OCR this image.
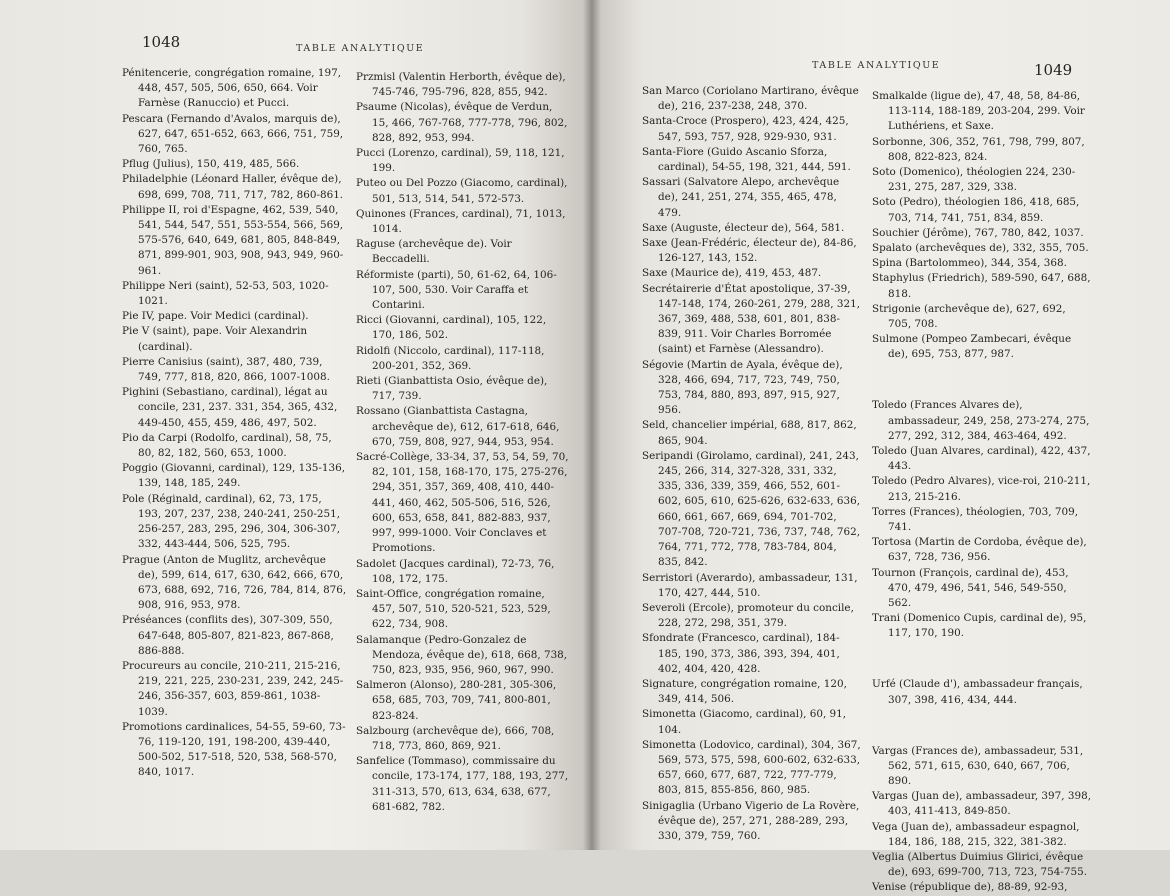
1048	TABLE ANALYTIQUE

Pénitencerie, congrégation romaine, 197, 448, 457, 505, 506, 650, 664. Voir Farnèse (Ranuccio) et Pucci.

Pescara (Fernando d'Avalos, marquis de), 627, 647, 651-652, 663, 666, 751, 759, 760, 765.

Pflug (Julius), 150, 419, 485, 566.

Philadelphie (Léonard Haller, évêque de), 698, 699, 708, 711, 717, 782, 860-861.

Philippe II, roi d'Espagne, 462, 539, 540, 541, 544, 547, 551, 553-554, 566, 569, 575-576, 640, 649, 681, 805, 848-849, 871, 899-901, 903, 908, 943, 949, 960-961.

Philippe Neri (saint), 52-53, 503, 1020-1021.

Pie IV, pape. Voir Medici (cardinal).

Pie V (saint), pape. Voir Alexandrin (cardinal).

Pierre Canisius (saint), 387, 480, 739, 749, 777, 818, 820, 866, 1007-1008.

Pighini (Sebastiano, cardinal), légat au concile, 231, 237. 331, 354, 365, 432, 449-450, 455, 459, 486, 497, 502.

Pio da Carpi (Rodolfo, cardinal), 58, 75, 80, 82, 182, 560, 653, 1000.

Poggio (Giovanni, cardinal), 129, 135-136, 139, 148, 185, 249.

Pole (Réginald, cardinal), 62, 73, 175, 193, 207, 237, 238, 240-241, 250-251, 256-257, 283, 295, 296, 304, 306-307, 332, 443-444, 506, 525, 795.

Prague (Anton de Muglitz, archevêque de), 599, 614, 617, 630, 642, 666, 670, 673, 688, 692, 716, 726, 784, 814, 876, 908, 916, 953, 978.

Préséances (conflits des), 307-309, 550, 647-648, 805-807, 821-823, 867-868, 886-888.

Procureurs au concile, 210-211, 215-216, 219, 221, 225, 230-231, 239, 242, 245-246, 356-357, 603, 859-861, 1038-1039.

Promotions cardinalices, 54-55, 59-60, 73-76, 119-120, 191, 198-200, 439-440, 500-502, 517-518, 520, 538, 568-570, 840, 1017.

Przmisl (Valentin Herborth, évêque de), 745-746, 795-796, 828, 855, 942.

Psaume (Nicolas), évêque de Verdun, 15, 466, 767-768, 777-778, 796, 802, 828, 892, 953, 994.

Pucci (Lorenzo, cardinal), 59, 118, 121, 199.

Puteo ou Del Pozzo (Giacomo, cardinal), 501, 513, 514, 541, 572-573.

Quinones (Frances, cardinal), 71, 1013, 1014.

Raguse (archevêque de). Voir Beccadelli.

Réformiste (parti), 50, 61-62, 64, 106-107, 500, 530. Voir Caraffa et Contarini.

Ricci (Giovanni, cardinal), 105, 122, 170, 186, 502.

Ridolfi (Niccolo, cardinal), 117-118, 200-201, 352, 369.

Rieti (Gianbattista Osio, évêque de), 717, 739.

Rossano (Gianbattista Castagna, archevêque de), 612, 617-618, 646, 670, 759, 808, 927, 944, 953, 954.

Sacré-Collège, 33-34, 37, 53, 54, 59, 70, 82, 101, 158, 168-170, 175, 275-276, 294, 351, 357, 369, 408, 410, 440-441, 460, 462, 505-506, 516, 526, 600, 653, 658, 841, 882-883, 937, 997, 999-1000. Voir Conclaves et Promotions.

Sadolet (Jacques cardinal), 72-73, 76, 108, 172, 175.

Saint-Office, congrégation romaine, 457, 507, 510, 520-521, 523, 529, 622, 734, 908.

Salamanque (Pedro-Gonzalez de Mendoza, évêque de), 618, 668, 738, 750, 823, 935, 956, 960, 967, 990.

Salmeron (Alonso), 280-281, 305-306, 658, 685, 703, 709, 741, 800-801, 823-824.

Salzbourg (archevêque de), 666, 708, 718, 773, 860, 869, 921.

Sanfelice (Tommaso), commissaire du concile, 173-174, 177, 188, 193, 277, 311-313, 570, 613, 634, 638, 677, 681-682, 782.

TABLE ANALYTIQUE	1049

San Marco (Coriolano Martirano, évêque de), 216, 237-238, 248, 370.

Santa-Croce (Prospero), 423, 424, 425, 547, 593, 757, 928, 929-930, 931.

Santa-Fiore (Guido Ascanio Sforza, cardinal), 54-55, 198, 321, 444, 591.

Sassari (Salvatore Alepo, archevêque de), 241, 251, 274, 355, 465, 478, 479.

Saxe (Auguste, électeur de), 564, 581.

Saxe (Jean-Frédéric, électeur de), 84-86, 126-127, 143, 152.

Saxe (Maurice de), 419, 453, 487.

Secrétairerie d'État apostolique, 37-39, 147-148, 174, 260-261, 279, 288, 321, 367, 369, 488, 538, 601, 801, 838-839, 911. Voir Charles Borromée (saint) et Farnèse (Alessandro).

Ségovie (Martin de Ayala, évêque de), 328, 466, 694, 717, 723, 749, 750, 753, 784, 880, 893, 897, 915, 927, 956.

Seld, chancelier impérial, 688, 817, 862, 865, 904.

Seripandi (Girolamo, cardinal), 241, 243, 245, 266, 314, 327-328, 331, 332, 335, 336, 339, 359, 466, 552, 601-602, 605, 610, 625-626, 632-633, 636, 660, 661, 667, 669, 694, 701-702, 707-708, 720-721, 736, 737, 748, 762, 764, 771, 772, 778, 783-784, 804, 835, 842.

Serristori (Averardo), ambassadeur, 131, 170, 427, 444, 510.

Severoli (Ercole), promoteur du concile, 228, 272, 298, 351, 379.

Sfondrate (Francesco, cardinal), 184-185, 190, 373, 386, 393, 394, 401, 402, 404, 420, 428.

Signature, congrégation romaine, 120, 349, 414, 506.

Simonetta (Giacomo, cardinal), 60, 91, 104.

Simonetta (Lodovico, cardinal), 304, 367, 569, 573, 575, 598, 600-602, 632-633, 657, 660, 677, 687, 722, 777-779, 803, 815, 855-856, 860, 985.

Sinigaglia (Urbano Vigerio de La Rovère, évêque de), 257, 271, 288-289, 293, 330, 379, 759, 760.

Smalkalde (ligue de), 47, 48, 58, 84-86, 113-114, 188-189, 203-204, 299. Voir Luthériens, et Saxe.

Sorbonne, 306, 352, 761, 798, 799, 807, 808, 822-823, 824.

Soto (Domenico), théologien 224, 230-231, 275, 287, 329, 338.

Soto (Pedro), théologien 186, 418, 685, 703, 714, 741, 751, 834, 859.

Souchier (Jérôme), 767, 780, 842, 1037.

Spalato (archevêques de), 332, 355, 705.

Spina (Bartolommeo), 344, 354, 368.

Staphylus (Friedrich), 589-590, 647, 688, 818.

Strigonie (archevêque de), 627, 692, 705, 708.

Sulmone (Pompeo Zambecari, évêque de), 695, 753, 877, 987.

Toledo (Frances Alvares de), ambassadeur, 249, 258, 273-274, 275, 277, 292, 312, 384, 463-464, 492.

Toledo (Juan Alvares, cardinal), 422, 437, 443.

Toledo (Pedro Alvares), vice-roi, 210-211, 213, 215-216.

Torres (Frances), théologien, 703, 709, 741.

Tortosa (Martin de Cordoba, évêque de), 637, 728, 736, 956.

Tournon (François, cardinal de), 453, 470, 479, 496, 541, 546, 549-550, 562.

Trani (Domenico Cupis, cardinal de), 95, 117, 170, 190.

Urfé (Claude d'), ambassadeur français, 307, 398, 416, 434, 444.

Vargas (Frances de), ambassadeur, 531, 562, 571, 615, 630, 640, 667, 706, 890.

Vargas (Juan de), ambassadeur, 397, 398, 403, 411-413, 849-850.

Vega (Juan de), ambassadeur espagnol, 184, 186, 188, 215, 322, 381-382.

Veglia (Albertus Duimius Glirici, évêque de), 693, 699-700, 713, 723, 754-755.

Venise (république de), 88-89, 92-93,
